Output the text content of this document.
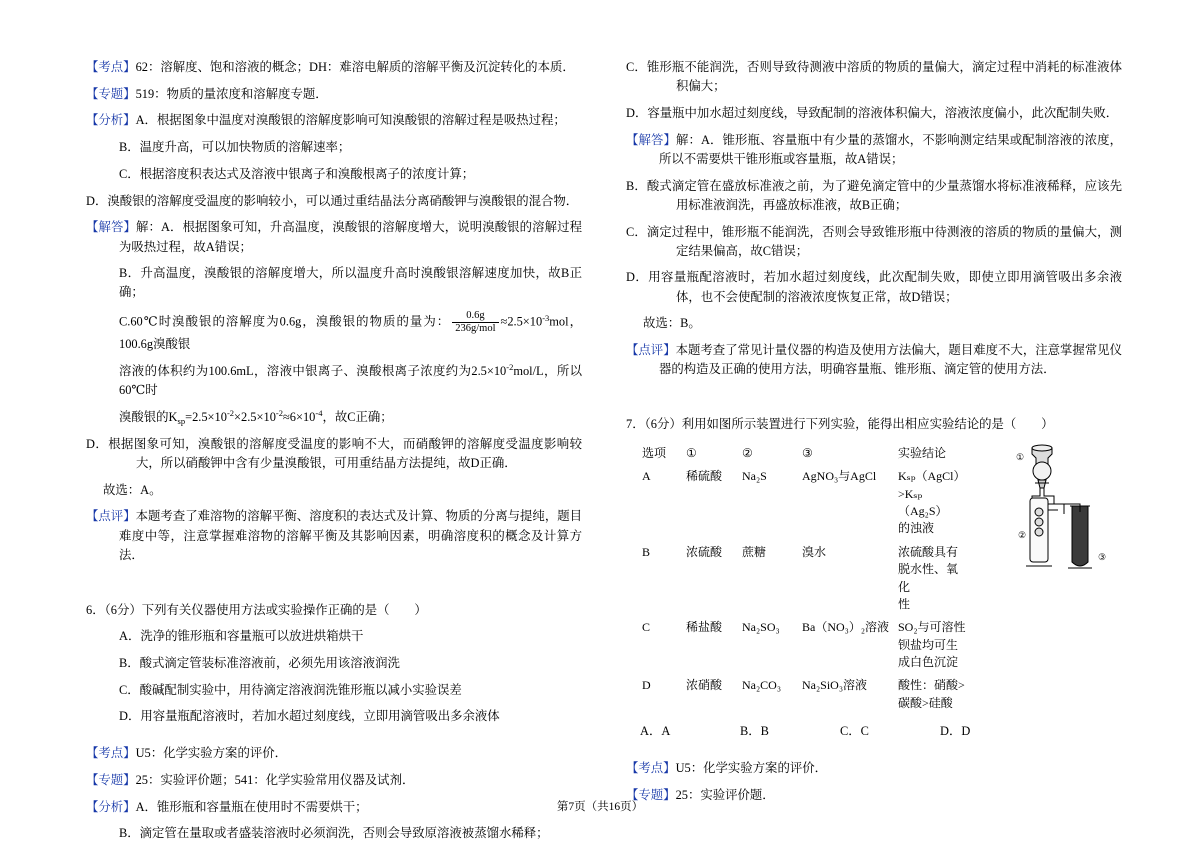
【考点】62：溶解度、饱和溶液的概念；DH：难溶电解质的溶解平衡及沉淀转化的本质．

【专题】519：物质的量浓度和溶解度专题．

【分析】A．根据图象中温度对溴酸银的溶解度影响可知溴酸银的溶解过程是吸热过程；

B．温度升高，可以加快物质的溶解速率；

C．根据溶度积表达式及溶液中银离子和溴酸根离子的浓度计算；

D．溴酸银的溶解度受温度的影响较小，可以通过重结晶法分离硝酸钾与溴酸银的混合物．

【解答】解：A．根据图象可知，升高温度，溴酸银的溶解度增大，说明溴酸银的溶解过程为吸热过程，故A错误；

B．升高温度，溴酸银的溶解度增大，所以温度升高时溴酸银溶解速度加快，故B正确；

C.60℃时溴酸银的溶解度为0.6g，溴酸银的物质的量为： $\frac{0.6g}{\text{236g/mol}} \approx 2.5\times 10^{-3}mol$，100.6g溴酸银

溶液的体积约为100.6mL，溶液中银离子、溴酸根离子浓度约为$2.5\times 10^{-2}mol/L$，所以60℃时

溴酸银的$K_{sp}=2.5\times 10^{-2}\times 2.5\times 10^{-2}\approx 6\times 10^{-4}$，故C正确；

D．根据图象可知，溴酸银的溶解度受温度的影响不大，而硝酸钾的溶解度受温度影响较大，所以硝酸钾中含有少量溴酸银，可用重结晶方法提纯，故D正确．

故选：A。

【点评】本题考查了难溶物的溶解平衡、溶度积的表达式及计算、物质的分离与提纯，题目难度中等，注意掌握难溶物的溶解平衡及其影响因素，明确溶度积的概念及计算方法．

6．（6分）下列有关仪器使用方法或实验操作正确的是（　　）

A．洗净的锥形瓶和容量瓶可以放进烘箱烘干

B．酸式滴定管装标准溶液前，必须先用该溶液润洗

C．酸碱配制实验中，用待滴定溶液润洗锥形瓶以减小实验误差

D．用容量瓶配溶液时，若加水超过刻度线，立即用滴管吸出多余液体

【考点】U5：化学实验方案的评价．

【专题】25：实验评价题；541：化学实验常用仪器及试剂．

【分析】A．锥形瓶和容量瓶在使用时不需要烘干；

B．滴定管在量取或者盛装溶液时必须润洗，否则会导致原溶液被蒸馏水稀释；

C．锥形瓶不能润洗，否则导致待测液中溶质的物质的量偏大，滴定过程中消耗的标准液体积偏大；

D．容量瓶中加水超过刻度线，导致配制的溶液体积偏大，溶液浓度偏小，此次配制失败．

【解答】解：A．锥形瓶、容量瓶中有少量的蒸馏水，不影响测定结果或配制溶液的浓度，所以不需要烘干锥形瓶或容量瓶，故A错误；

B．酸式滴定管在盛放标准液之前，为了避免滴定管中的少量蒸馏水将标准液稀释，应该先用标准液润洗，再盛放标准液，故B正确；

C．滴定过程中，锥形瓶不能润洗，否则会导致锥形瓶中待测液的溶质的物质的量偏大，测定结果偏高，故C错误；

D．用容量瓶配溶液时，若加水超过刻度线，此次配制失败，即使立即用滴管吸出多余液体，也不会使配制的溶液浓度恢复正常，故D错误；

故选：B。

【点评】本题考查了常见计量仪器的构造及使用方法偏大，题目难度不大，注意掌握常见仪器的构造及正确的使用方法，明确容量瓶、锥形瓶、滴定管的使用方法．

7．（6分）利用如图所示装置进行下列实验，能得出相应实验结论的是（　　）

选项	①	②	③	实验结论
A	稀硫酸	Na₂S	AgNO₃与AgCl	Kₛₚ（AgCl）>Kₛₚ（Ag₂S）
的浊液
B	浓硫酸	蔗糖	溴水	浓硫酸具有脱水性、氧化
性
C	稀盐酸	Na₂SO₃	Ba（NO₃）₂溶液	SO₂与可溶性钡盐均可生
成白色沉淀
D	浓硝酸	Na₂CO₃	Na₂SiO₃溶液	酸性：硝酸>碳酸>硅酸
①
②
③
A．A	B．B	C．C	D．D

【考点】U5：化学实验方案的评价．

【专题】25：实验评价题．

第7页（共16页）
